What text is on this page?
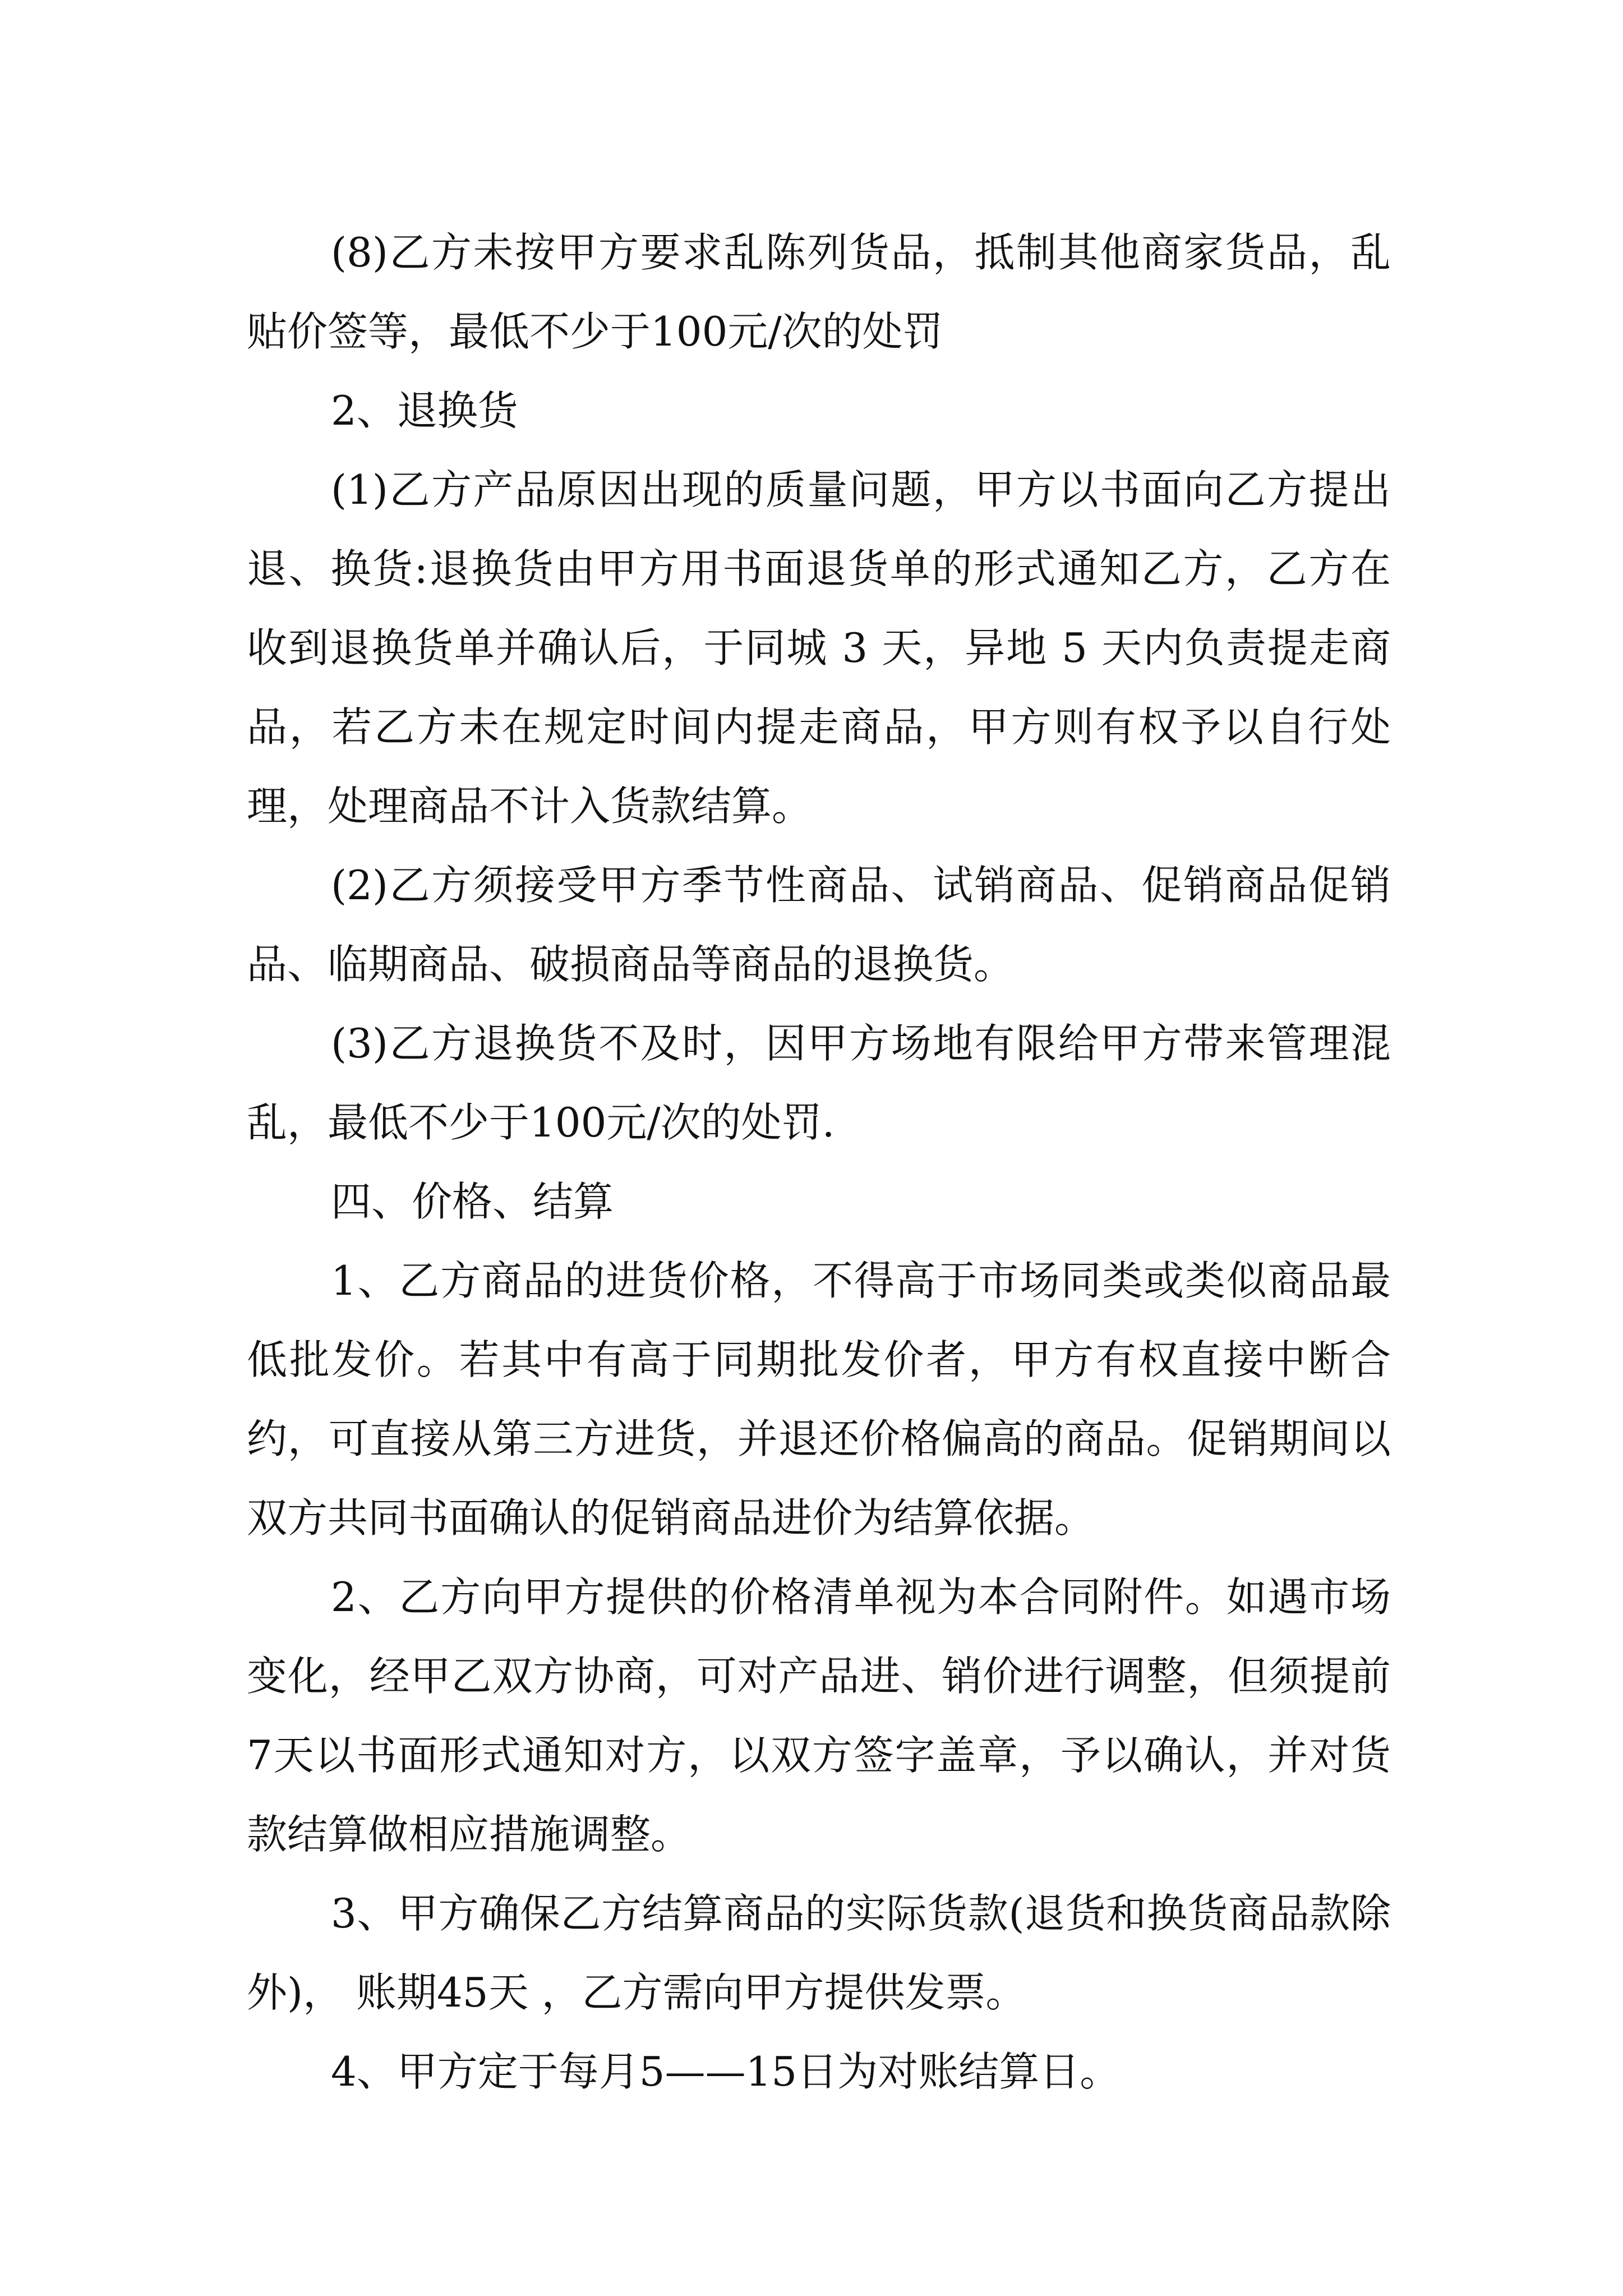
(8)乙方未按甲方要求乱陈列货品，抵制其他商家货品，乱贴价签等，最低不少于100元/次的处罚

2、退换货

(1)乙方产品原因出现的质量问题，甲方以书面向乙方提出退、换货:退换货由甲方用书面退货单的形式通知乙方，乙方在收到退换货单并确认后，于同城 3 天，异地 5 天内负责提走商品，若乙方未在规定时间内提走商品，甲方则有权予以自行处理，处理商品不计入货款结算。

(2)乙方须接受甲方季节性商品、试销商品、促销商品促销品、临期商品、破损商品等商品的退换货。

(3)乙方退换货不及时，因甲方场地有限给甲方带来管理混乱，最低不少于100元/次的处罚.

四、价格、结算

1、乙方商品的进货价格，不得高于市场同类或类似商品最低批发价。若其中有高于同期批发价者，甲方有权直接中断合约，可直接从第三方进货，并退还价格偏高的商品。促销期间以双方共同书面确认的促销商品进价为结算依据。

2、乙方向甲方提供的价格清单视为本合同附件。如遇市场变化，经甲乙双方协商，可对产品进、销价进行调整，但须提前7天以书面形式通知对方，以双方签字盖章，予以确认，并对货款结算做相应措施调整。

3、甲方确保乙方结算商品的实际货款(退货和换货商品款除外)， 账期45天 ，乙方需向甲方提供发票。

4、甲方定于每月5——15日为对账结算日。
